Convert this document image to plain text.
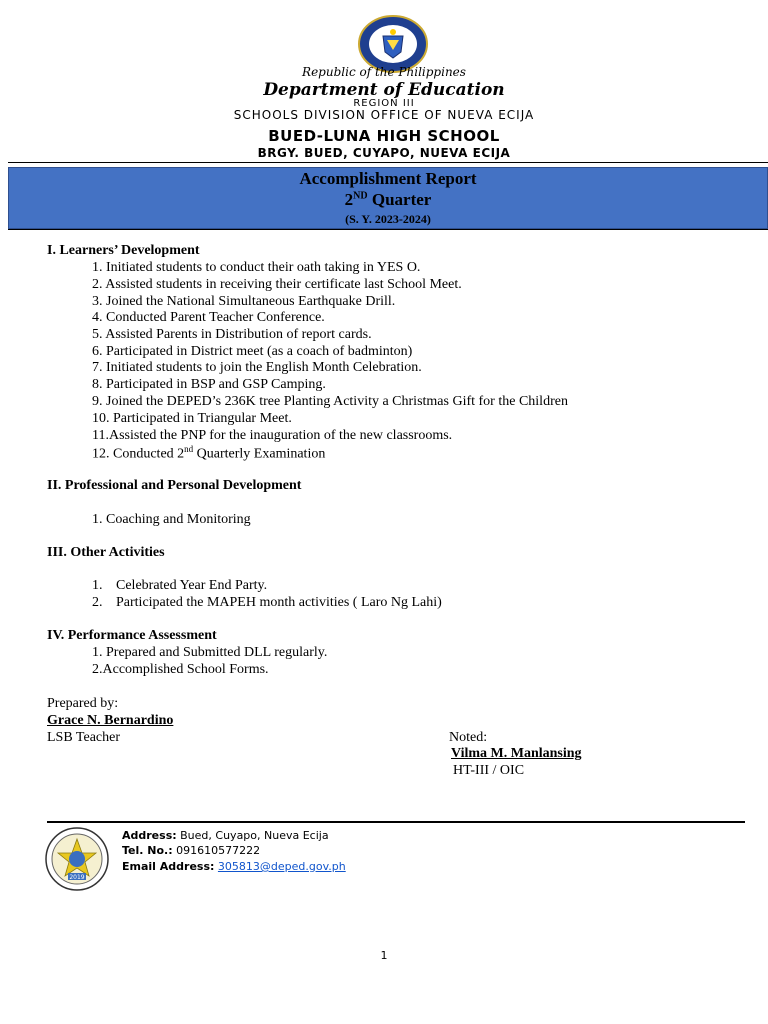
Republic of the Philippines
Department of Education
REGION III
SCHOOLS DIVISION OFFICE OF NUEVA ECIJA
BUED-LUNA HIGH SCHOOL
BRGY. BUED, CUYAPO, NUEVA ECIJA
Accomplishment Report
2ND Quarter
(S. Y. 2023-2024)
I. Learners’ Development
1. Initiated students to conduct their oath taking in YES O.
2. Assisted students in receiving their certificate last School Meet.
3. Joined the National Simultaneous Earthquake Drill.
4. Conducted Parent Teacher Conference.
5. Assisted Parents in Distribution of report cards.
6. Participated in District meet (as a coach of badminton)
7. Initiated students to join the English Month Celebration.
8. Participated in BSP and GSP Camping.
9. Joined the DEPED’s 236K tree Planting Activity a Christmas Gift for the Children
10. Participated in Triangular Meet.
11.Assisted the PNP for the inauguration of the new classrooms.
12. Conducted 2nd Quarterly Examination
II. Professional and Personal Development
1. Coaching and Monitoring
III. Other Activities
1. Celebrated Year End Party.
2. Participated the MAPEH month activities ( Laro Ng Lahi)
IV. Performance Assessment
1. Prepared and Submitted DLL regularly.
2.Accomplished School Forms.
Prepared by:
Grace N. Bernardino
LSB Teacher	Noted:
Vilma M. Manlansing
HT-III / OIC
2019
Address: Bued, Cuyapo, Nueva Ecija
Tel. No.: 091610577222
Email Address: 305813@deped.gov.ph
1
